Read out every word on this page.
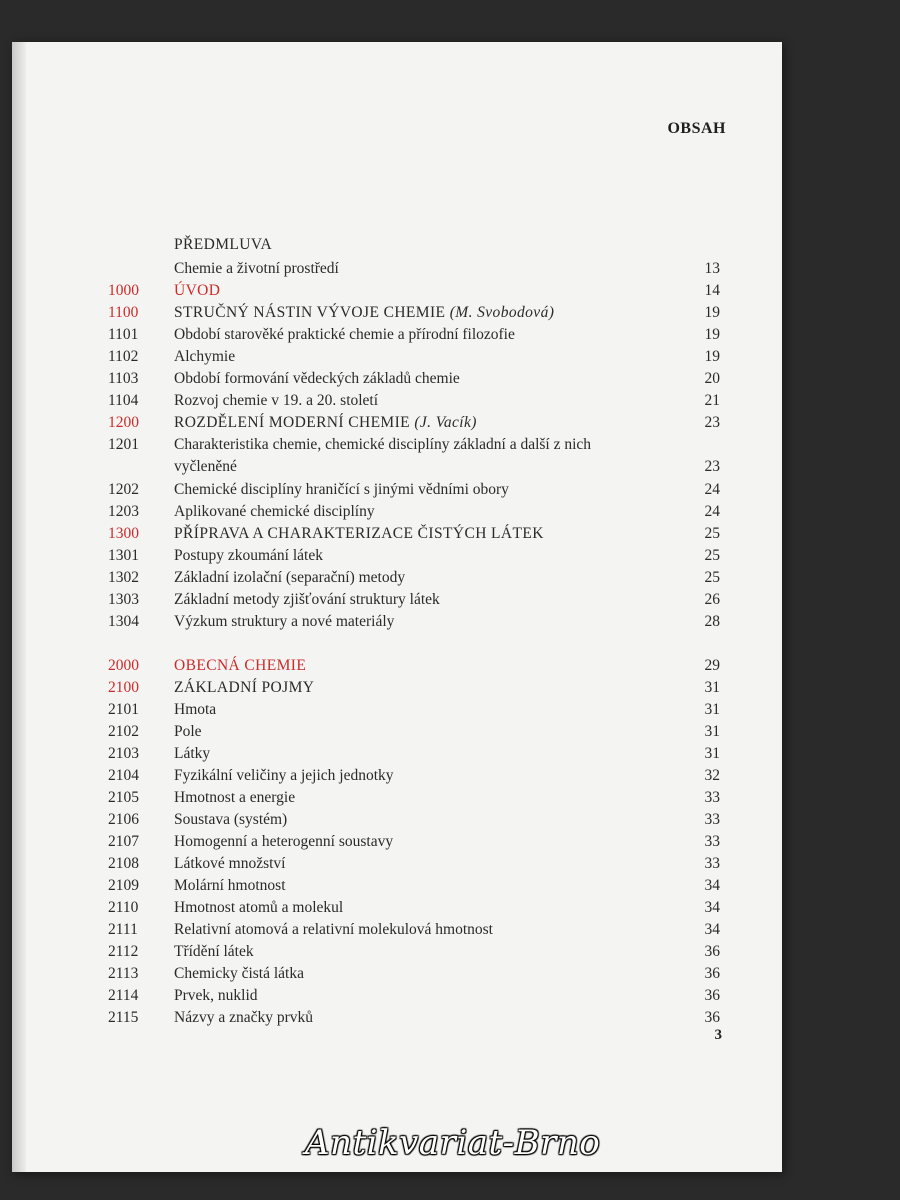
OBSAH
PŘEDMLUVA
Chemie a životní prostředí	13
1000	ÚVOD	14
1100	STRUČNÝ NÁSTIN VÝVOJE CHEMIE (M. Svobodová)	19
1101	Období starověké praktické chemie a přírodní filozofie	19
1102	Alchymie	19
1103	Období formování vědeckých základů chemie	20
1104	Rozvoj chemie v 19. a 20. století	21
1200	ROZDĚLENÍ MODERNÍ CHEMIE (J. Vacík)	23
1201	Charakteristika chemie, chemické disciplíny základní a další z nich
vyčleněné	23
1202	Chemické disciplíny hraničící s jinými vědními obory	24
1203	Aplikované chemické disciplíny	24
1300	PŘÍPRAVA A CHARAKTERIZACE ČISTÝCH LÁTEK	25
1301	Postupy zkoumání látek	25
1302	Základní izolační (separační) metody	25
1303	Základní metody zjišťování struktury látek	26
1304	Výzkum struktury a nové materiály	28
2000	OBECNÁ CHEMIE	29
2100	ZÁKLADNÍ POJMY	31
2101	Hmota	31
2102	Pole	31
2103	Látky	31
2104	Fyzikální veličiny a jejich jednotky	32
2105	Hmotnost a energie	33
2106	Soustava (systém)	33
2107	Homogenní a heterogenní soustavy	33
2108	Látkové množství	33
2109	Molární hmotnost	34
2110	Hmotnost atomů a molekul	34
2111	Relativní atomová a relativní molekulová hmotnost	34
2112	Třídění látek	36
2113	Chemicky čistá látka	36
2114	Prvek, nuklid	36
2115	Názvy a značky prvků	36
3
Antikvariat-Brno
